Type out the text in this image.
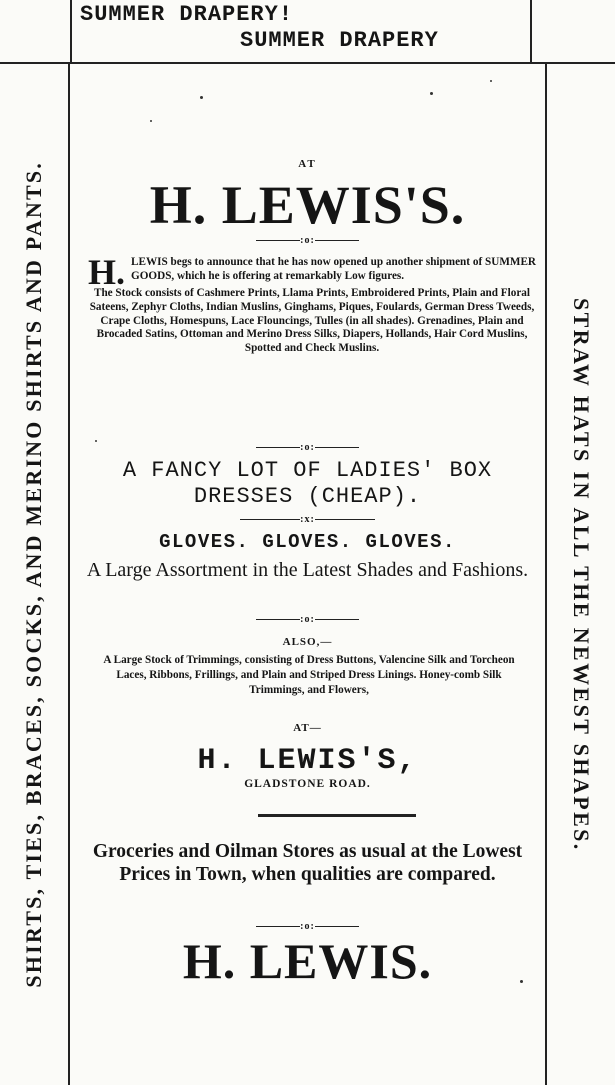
SUMMER DRAPERY!
SUMMER DRAPERY
SHIRTS, TIES, BRACES, SOCKS, AND MERINO SHIRTS AND PANTS.	STRAW HATS IN ALL THE NEWEST SHAPES.
AT
H. LEWIS'S.
:o:
H. LEWIS begs to announce that he has now opened up another shipment of SUMMER GOODS, which he is offering at remarkably Low figures.
The Stock consists of Cashmere Prints, Llama Prints, Embroidered Prints, Plain and Floral Sateens, Zephyr Cloths, Indian Muslins, Ginghams, Piques, Foulards, German Dress Tweeds, Crape Cloths, Homespuns, Lace Flouncings, Tulles (in all shades). Grenadines, Plain and Brocaded Satins, Ottoman and Merino Dress Silks, Diapers, Hollands, Hair Cord Muslins, Spotted and Check Muslins.
:o:
A FANCY LOT OF LADIES' BOX DRESSES (CHEAP).
:x:
GLOVES. GLOVES. GLOVES.
A Large Assortment in the Latest Shades and Fashions.
:o:
ALSO,—
A Large Stock of Trimmings, consisting of Dress Buttons, Valencine Silk and Torcheon Laces, Ribbons, Frillings, and Plain and Striped Dress Linings. Honey-comb Silk Trimmings, and Flowers,
AT—
H. LEWIS'S,
GLADSTONE ROAD.
Groceries and Oilman Stores as usual at the Lowest Prices in Town, when qualities are compared.
:o:
H. LEWIS.
